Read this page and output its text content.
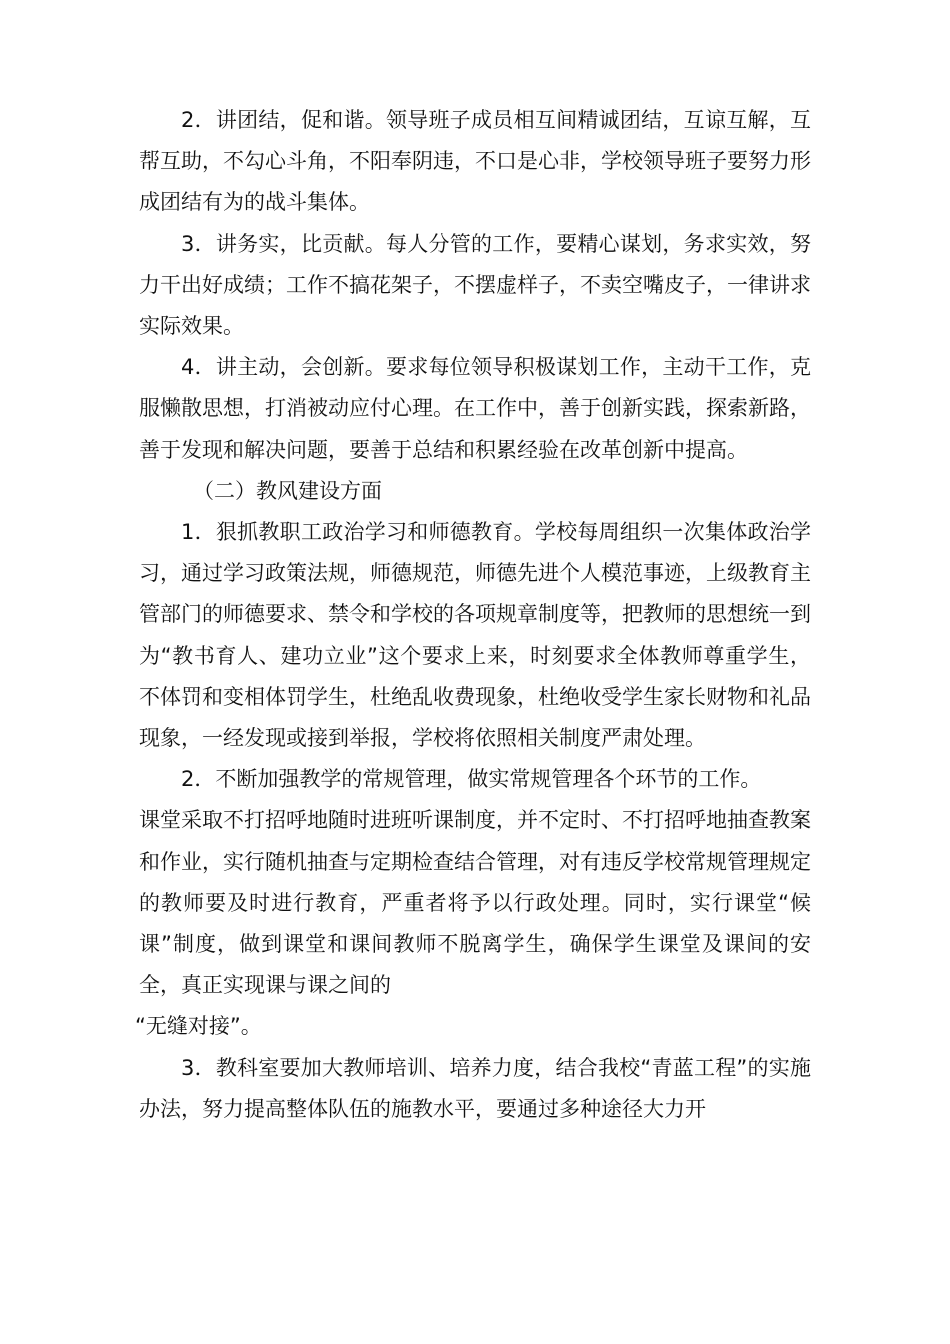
2．讲团结，促和谐。领导班子成员相互间精诚团结，互谅互解，互帮互助，不勾心斗角，不阳奉阴违，不口是心非，学校领导班子要努力形成团结有为的战斗集体。

3．讲务实，比贡献。每人分管的工作，要精心谋划，务求实效，努力干出好成绩；工作不搞花架子，不摆虚样子，不卖空嘴皮子，一律讲求实际效果。

4．讲主动，会创新。要求每位领导积极谋划工作，主动干工作，克服懒散思想，打消被动应付心理。在工作中，善于创新实践，探索新路，善于发现和解决问题，要善于总结和积累经验在改革创新中提高。

（二）教风建设方面

1．狠抓教职工政治学习和师德教育。学校每周组织一次集体政治学习，通过学习政策法规，师德规范，师德先进个人模范事迹，上级教育主管部门的师德要求、禁令和学校的各项规章制度等，把教师的思想统一到为“教书育人、建功立业”这个要求上来，时刻要求全体教师尊重学生，不体罚和变相体罚学生，杜绝乱收费现象，杜绝收受学生家长财物和礼品现象，一经发现或接到举报，学校将依照相关制度严肃处理。

2．不断加强教学的常规管理，做实常规管理各个环节的工作。

课堂采取不打招呼地随时进班听课制度，并不定时、不打招呼地抽查教案和作业，实行随机抽查与定期检查结合管理，对有违反学校常规管理规定的教师要及时进行教育，严重者将予以行政处理。同时，实行课堂“候课”制度，做到课堂和课间教师不脱离学生，确保学生课堂及课间的安全，真正实现课与课之间的

“无缝对接”。

3．教科室要加大教师培训、培养力度，结合我校“青蓝工程”的实施办法，努力提高整体队伍的施教水平，要通过多种途径大力开
